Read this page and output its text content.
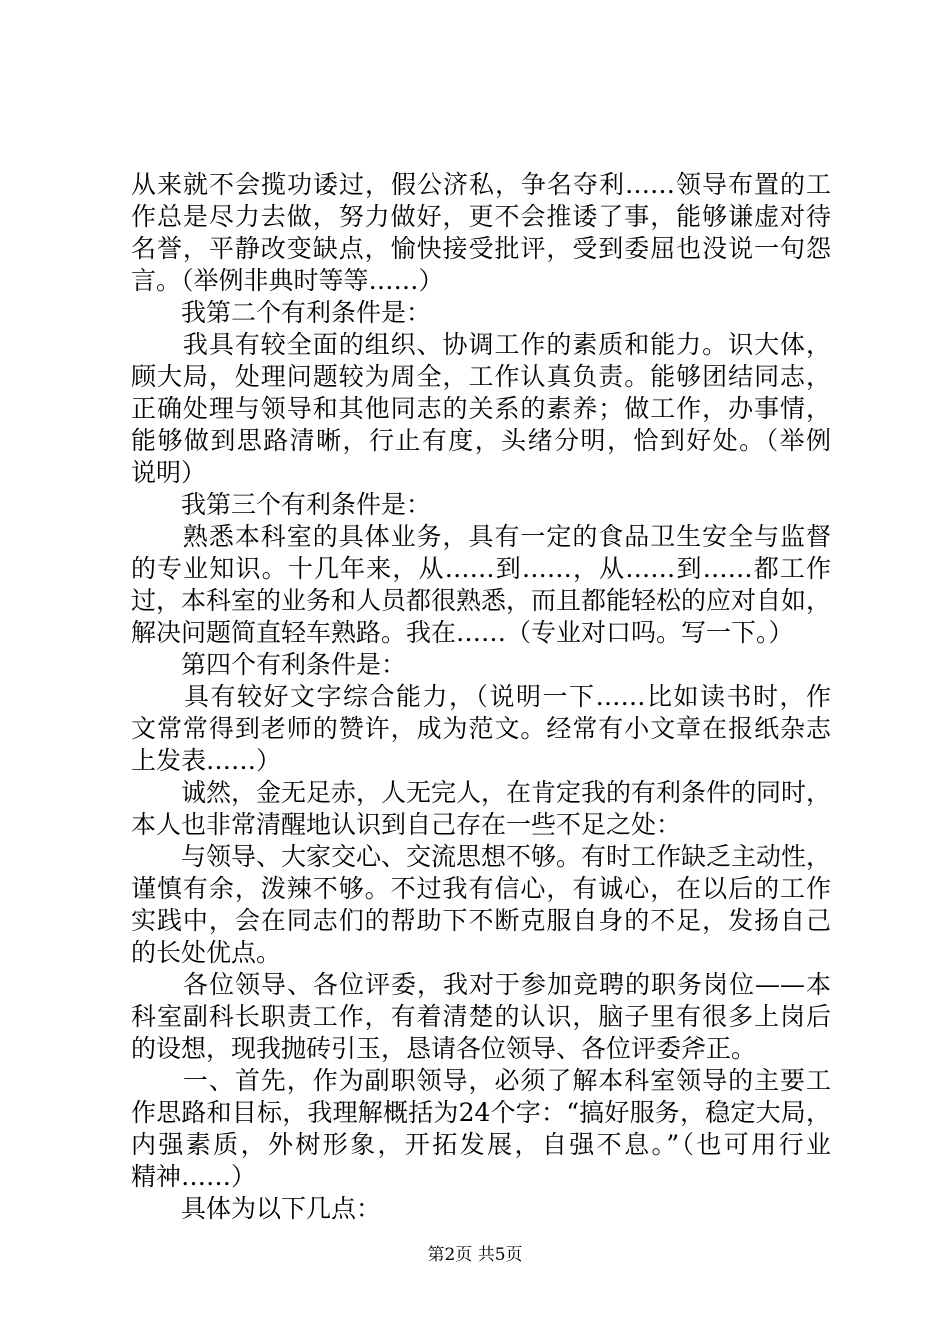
从来就不会揽功诿过，假公济私，争名夺利……领导布置的工
作总是尽力去做，努力做好，更不会推诿了事，能够谦虚对待
名誉，平静改变缺点，愉快接受批评，受到委屈也没说一句怨
言。（举例非典时等等……）
　　我第二个有利条件是：
　　我具有较全面的组织、协调工作的素质和能力。识大体，
顾大局，处理问题较为周全，工作认真负责。能够团结同志，
正确处理与领导和其他同志的关系的素养；做工作，办事情，
能够做到思路清晰，行止有度，头绪分明，恰到好处。（举例
说明）
　　我第三个有利条件是：
　　熟悉本科室的具体业务，具有一定的食品卫生安全与监督
的专业知识。十几年来，从……到……，从……到……都工作
过，本科室的业务和人员都很熟悉，而且都能轻松的应对自如，
解决问题简直轻车熟路。我在……（专业对口吗。写一下。）
　　第四个有利条件是：
　　具有较好文字综合能力，（说明一下……比如读书时，作
文常常得到老师的赞许，成为范文。经常有小文章在报纸杂志
上发表……）
　　诚然，金无足赤，人无完人，在肯定我的有利条件的同时，
本人也非常清醒地认识到自己存在一些不足之处：
　　与领导、大家交心、交流思想不够。有时工作缺乏主动性，
谨慎有余，泼辣不够。不过我有信心，有诚心，在以后的工作
实践中，会在同志们的帮助下不断克服自身的不足，发扬自己
的长处优点。
　　各位领导、各位评委，我对于参加竞聘的职务岗位——本
科室副科长职责工作，有着清楚的认识，脑子里有很多上岗后
的设想，现我抛砖引玉，恳请各位领导、各位评委斧正。
　　一、首先，作为副职领导，必须了解本科室领导的主要工
作思路和目标，我理解概括为24个字：“搞好服务，稳定大局，
内强素质，外树形象，开拓发展，自强不息。”（也可用行业
精神……）
　　具体为以下几点：
第2页 共5页
